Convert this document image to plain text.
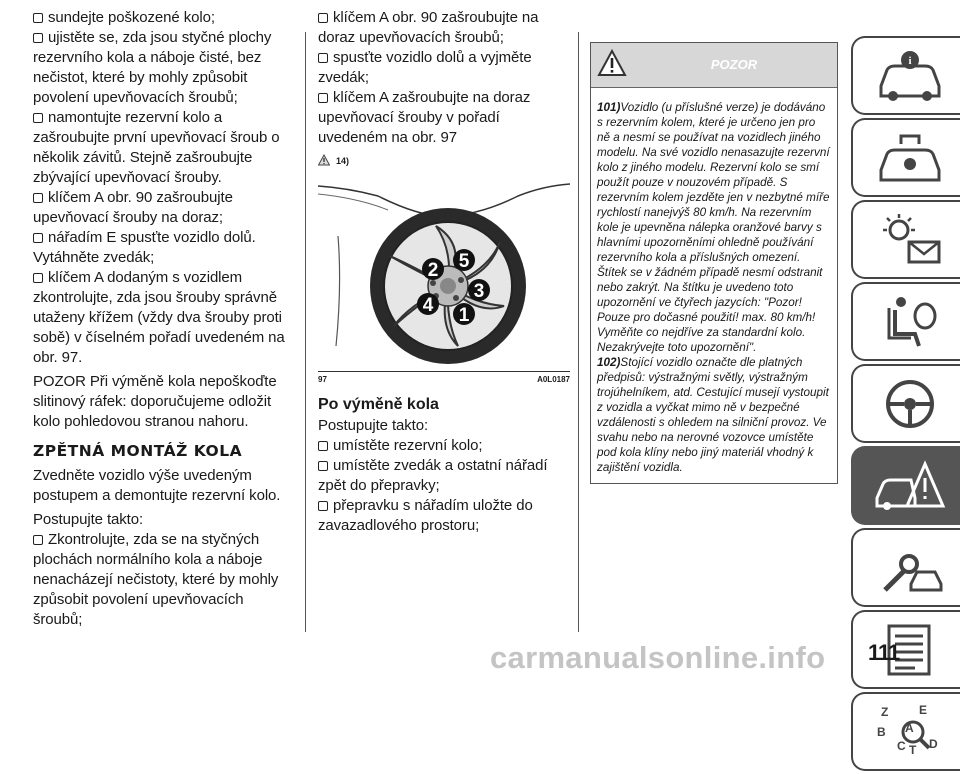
sundejte poškozené kolo;

ujistěte se, zda jsou styčné plochy rezervního kola a náboje čisté, bez nečistot, které by mohly způsobit povolení upevňovacích šroubů;

namontujte rezervní kolo a zašroubujte první upevňovací šroub o několik závitů. Stejně zašroubujte zbývající upevňovací šrouby.

klíčem A obr. 90 zašroubujte upevňovací šrouby na doraz;

nářadím E spusťte vozidlo dolů.

Vytáhněte zvedák;

klíčem A dodaným s vozidlem zkontrolujte, zda jsou šrouby správně utaženy křížem (vždy dva šrouby proti sobě) v číselném pořadí uvedeném na obr. 97.

POZOR Při výměně kola nepoškoďte slitinový ráfek: doporučujeme odložit kolo pohledovou stranou nahoru.

ZPĚTNÁ MONTÁŽ KOLA

Zvedněte vozidlo výše uvedeným postupem a demontujte rezervní kolo.

Postupujte takto:

Zkontrolujte, zda se na styčných plochách normálního kola a náboje nenacházejí nečistoty, které by mohly způsobit povolení upevňovacích šroubů;

klíčem A obr. 90 zašroubujte na doraz upevňovacích šroubů;

spusťte vozidlo dolů a vyjměte zvedák;

klíčem A zašroubujte na doraz upevňovací šrouby v pořadí uvedeném na obr. 97

14)
2 5
3
4 1
97	A0L0187
Po výměně kola

Postupujte takto:

umístěte rezervní kolo;

umístěte zvedák a ostatní nářadí zpět do přepravky;

přepravku s nářadím uložte do zavazadlového prostoru;

POZOR

101)Vozidlo (u příslušné verze) je dodáváno s rezervním kolem, které je určeno jen pro ně a nesmí se používat na vozidlech jiného modelu. Na své vozidlo nenasazujte rezervní kolo z jiného modelu. Rezervní kolo se smí použít pouze v nouzovém případě. S rezervním kolem jezděte jen v nezbytné míře rychlostí nanejvýš 80 km/h. Na rezervním kole je upevněna nálepka oranžové barvy s hlavními upozorněními ohledně používání rezervního kola a příslušných omezení. Štítek se v žádném případě nesmí odstranit nebo zakrýt. Na štítku je uvedeno toto upozornění ve čtyřech jazycích: "Pozor! Pouze pro dočasné použití! max. 80 km/h! Vyměňte co nejdříve za standardní kolo. Nezakrývejte toto upozornění".

102)Stojící vozidlo označte dle platných předpisů: výstražnými světly, výstražným trojúhelníkem, atd. Cestující musejí vystoupit z vozidla a vyčkat mimo ně v bezpečné vzdálenosti s ohledem na silniční provoz. Ve svahu nebo na nerovné vozovce umístěte pod kola klíny nebo jiný materiál vhodný k zajištění vozidla.

i
Z	E
B
C T
A
D
carmanualsonline.info 111
